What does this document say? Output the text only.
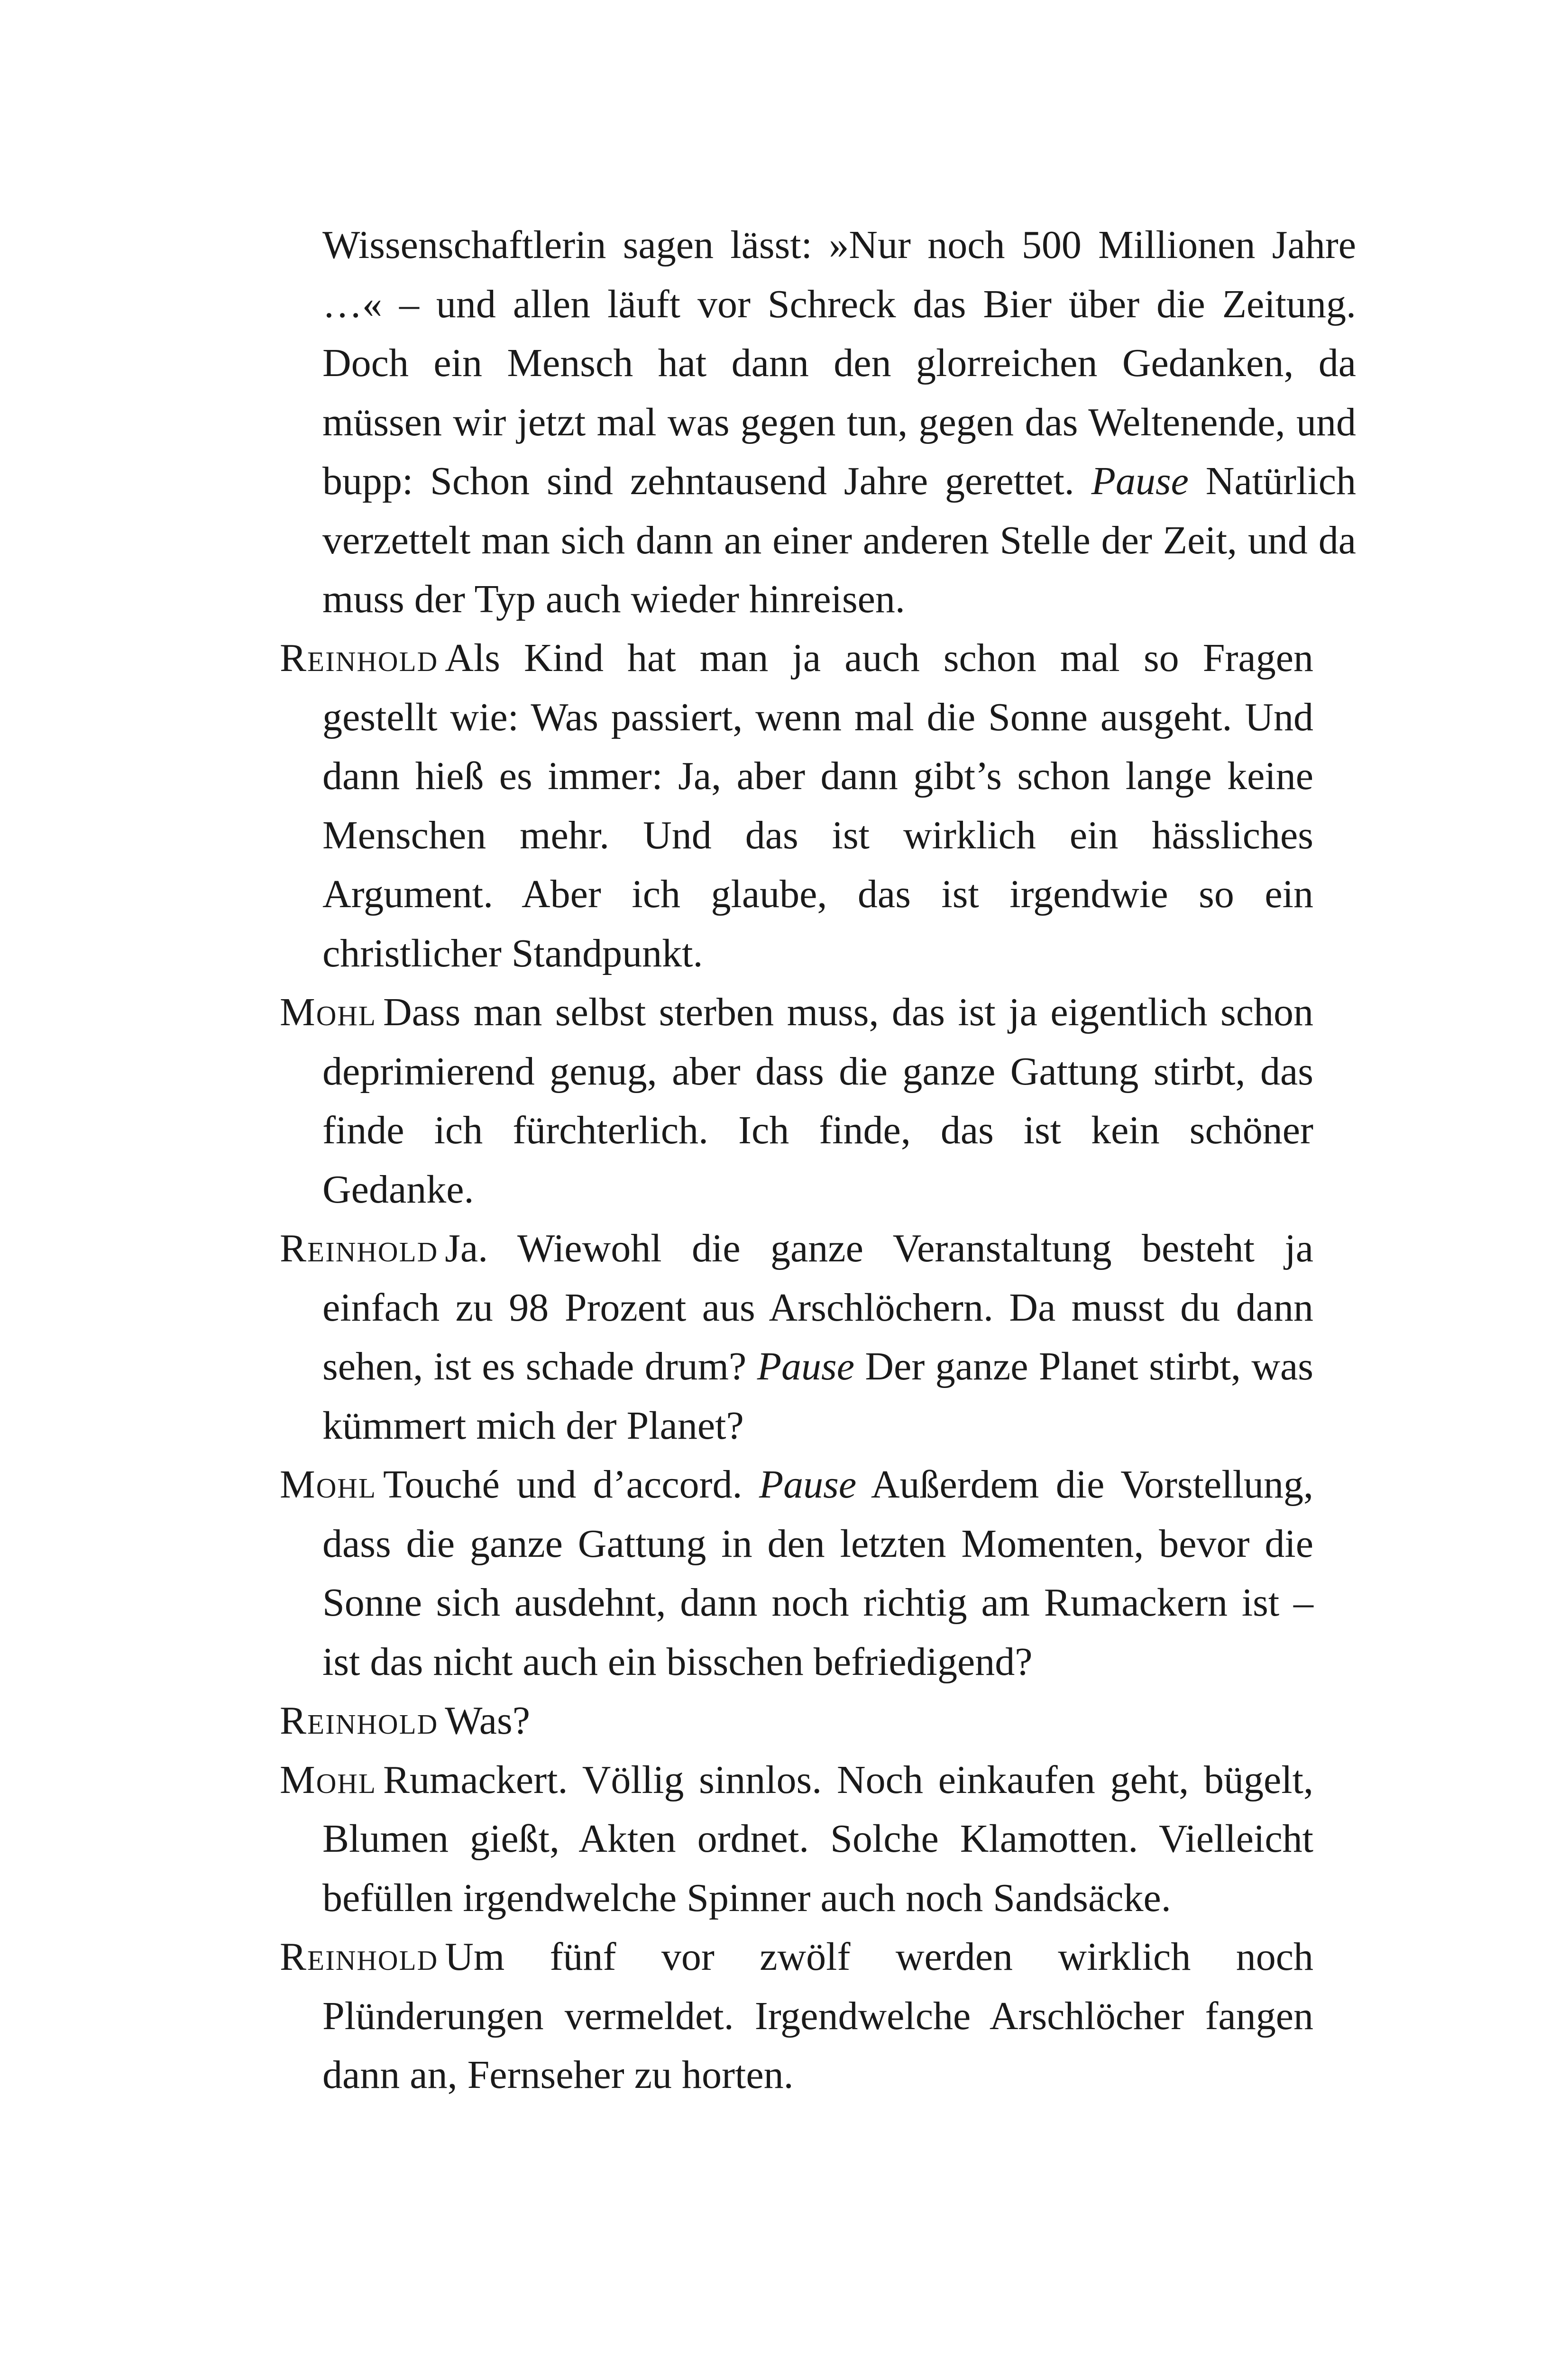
Wissenschaftlerin sagen lässt: »Nur noch 500 Millionen Jahre …« – und allen läuft vor Schreck das Bier über die Zeitung. Doch ein Mensch hat dann den glorreichen Gedanken, da müssen wir jetzt mal was gegen tun, gegen das Weltenende, und bupp: Schon sind zehntausend Jahre gerettet. Pause Natürlich verzettelt man sich dann an einer anderen Stelle der Zeit, und da muss der Typ auch wieder hinreisen.

Reinhold Als Kind hat man ja auch schon mal so Fragen gestellt wie: Was passiert, wenn mal die Sonne ausgeht. Und dann hieß es immer: Ja, aber dann gibt’s schon lange keine Menschen mehr. Und das ist wirklich ein hässliches Argument. Aber ich glaube, das ist irgendwie so ein christlicher Standpunkt.

Mohl Dass man selbst sterben muss, das ist ja eigentlich schon deprimierend genug, aber dass die ganze Gattung stirbt, das finde ich fürchterlich. Ich finde, das ist kein schöner Gedanke.

Reinhold Ja. Wiewohl die ganze Veranstaltung besteht ja einfach zu 98 Prozent aus Arschlöchern. Da musst du dann sehen, ist es schade drum? Pause Der ganze Planet stirbt, was kümmert mich der Planet?

Mohl Touché und d’accord. Pause Außerdem die Vorstellung, dass die ganze Gattung in den letzten Momenten, bevor die Sonne sich ausdehnt, dann noch richtig am Rumackern ist – ist das nicht auch ein bisschen befriedigend?

Reinhold Was?

Mohl Rumackert. Völlig sinnlos. Noch einkaufen geht, bügelt, Blumen gießt, Akten ordnet. Solche Klamotten. Vielleicht befüllen irgendwelche Spinner auch noch Sandsäcke.

Reinhold Um fünf vor zwölf werden wirklich noch Plünderungen vermeldet. Irgendwelche Arschlöcher fangen dann an, Fernseher zu horten.
